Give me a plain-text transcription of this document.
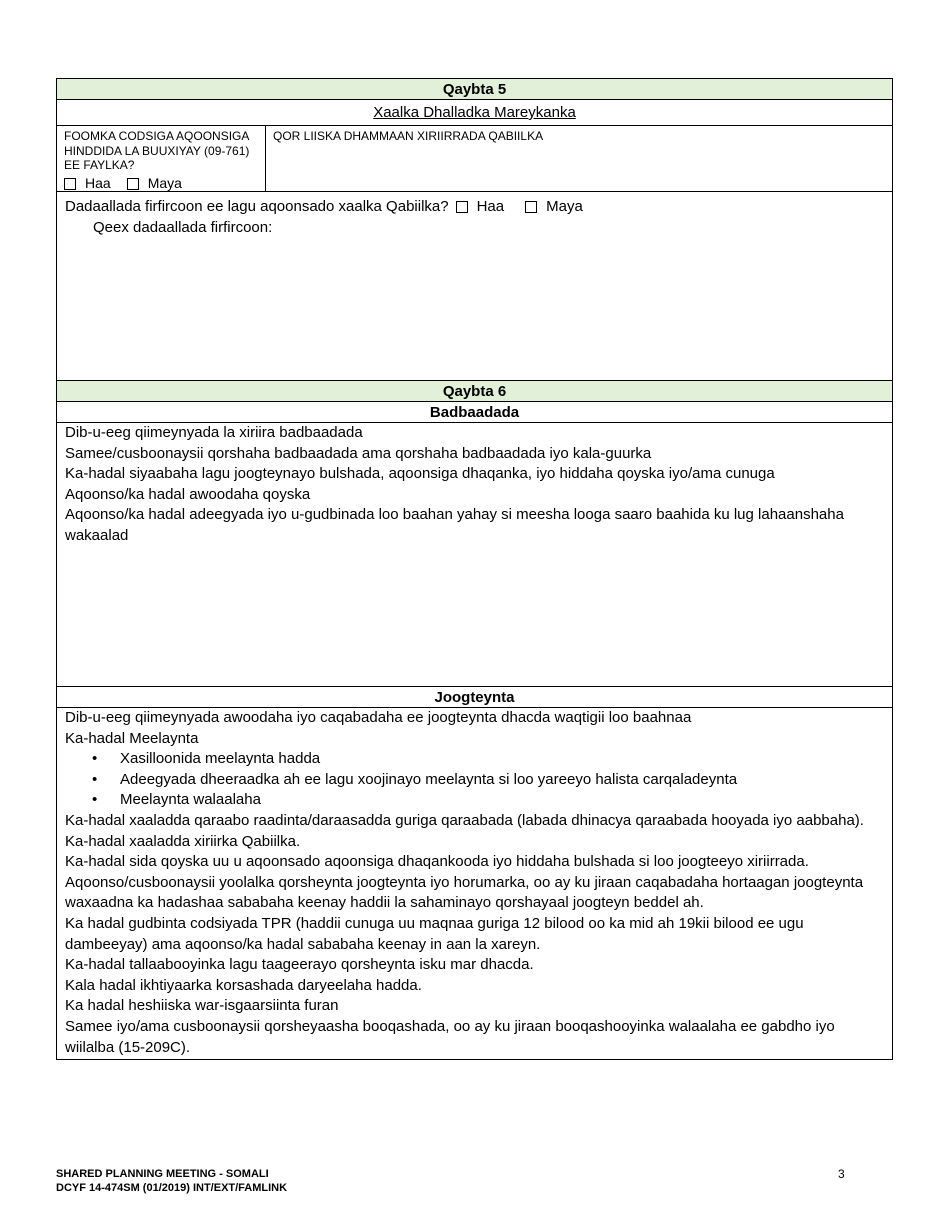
Qaybta 5
Xaalka Dhalladka Mareykanka
FOOMKA CODSIGA AQOONSIGA HINDDIDA LA BUUXIYAY (09-761) EE FAYLKA?
Haa	Maya
QOR LIISKA DHAMMAAN XIRIIRRADA QABIILKA
Dadaallada firfircoon ee lagu aqoonsado xaalka Qabiilka? Haa	Maya
Qeex dadaallada firfircoon:
Qaybta 6
Badbaadada
Dib-u-eeg qiimeynyada la xiriira badbaadada
Samee/cusboonaysii qorshaha badbaadada ama qorshaha badbaadada iyo kala-guurka
Ka-hadal siyaabaha lagu joogteynayo bulshada, aqoonsiga dhaqanka, iyo hiddaha qoyska iyo/ama cunuga
Aqoonso/ka hadal awoodaha qoyska
Aqoonso/ka hadal adeegyada iyo u-gudbinada loo baahan yahay si meesha looga saaro baahida ku lug lahaanshaha wakaalad
Joogteynta
Dib-u-eeg qiimeynyada awoodaha iyo caqabadaha ee joogteynta dhacda waqtigii loo baahnaa
Ka-hadal Meelaynta
• Xasilloonida meelaynta hadda
• Adeegyada dheeraadka ah ee lagu xoojinayo meelaynta si loo yareeyo halista carqaladeynta
• Meelaynta walaalaha
Ka-hadal xaaladda qaraabo raadinta/daraasadda guriga qaraabada (labada dhinacya qaraabada hooyada iyo aabbaha).
Ka-hadal xaaladda xiriirka Qabiilka.
Ka-hadal sida qoyska uu u aqoonsado aqoonsiga dhaqankooda iyo hiddaha bulshada si loo joogteeyo xiriirrada.
Aqoonso/cusboonaysii yoolalka qorsheynta joogteynta iyo horumarka, oo ay ku jiraan caqabadaha hortaagan joogteynta waxaadna ka hadashaa sababaha keenay haddii la sahaminayo qorshayaal joogteyn beddel ah.
Ka hadal gudbinta codsiyada TPR (haddii cunuga uu maqnaa guriga 12 bilood oo ka mid ah 19kii bilood ee ugu dambeeyay) ama aqoonso/ka hadal sababaha keenay in aan la xareyn.
Ka-hadal tallaabooyinka lagu taageerayo qorsheynta isku mar dhacda.
Kala hadal ikhtiyaarka korsashada daryeelaha hadda.
Ka hadal heshiiska war-isgaarsiinta furan
Samee iyo/ama cusboonaysii qorsheyaasha booqashada, oo ay ku jiraan booqashooyinka walaalaha ee gabdho iyo wiilalba (15-209C).
SHARED PLANNING MEETING - SOMALI
DCYF 14-474SM (01/2019) INT/EXT/FAMLINK
3
